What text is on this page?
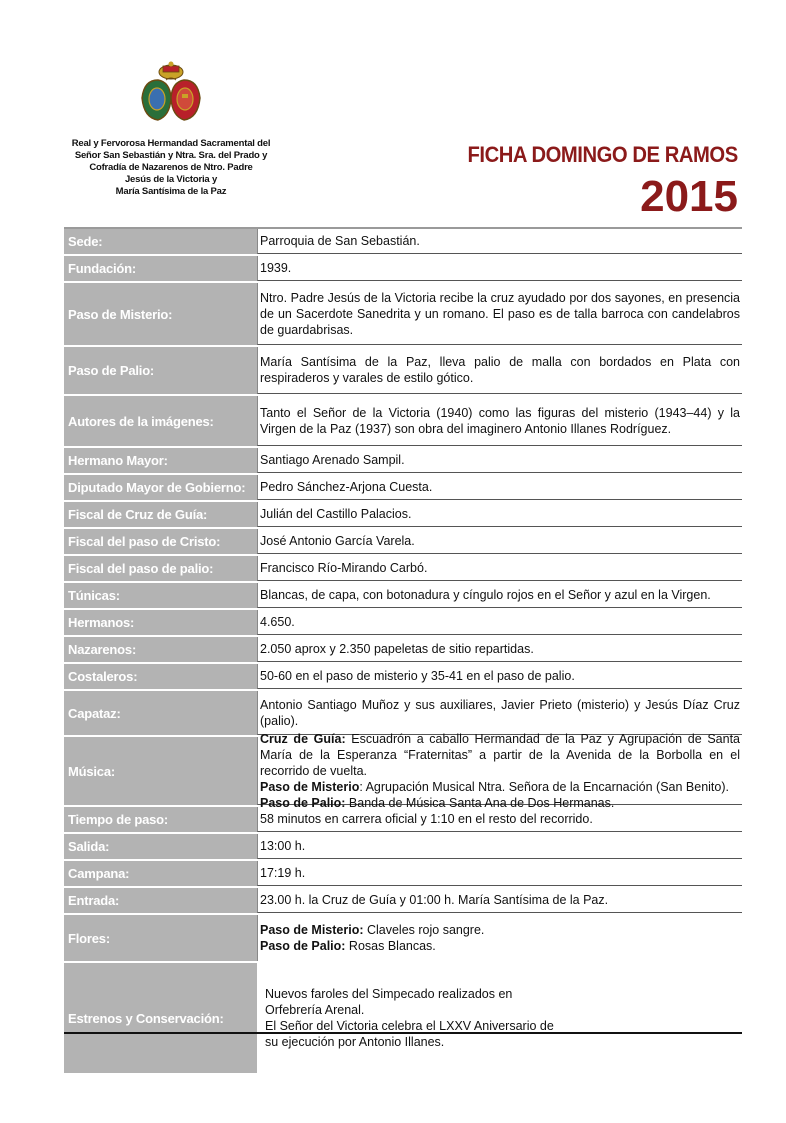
Real y Fervorosa Hermandad Sacramental del
Señor San Sebastián y Ntra. Sra. del Prado y
Cofradía de Nazarenos de Ntro. Padre
Jesús de la Victoria y
María Santísima de la Paz
FICHA DOMINGO DE RAMOS
2015
Sede:	Parroquia de San Sebastián.
Fundación:	1939.
Paso de Misterio:
Ntro. Padre Jesús de la Victoria recibe la cruz ayudado por dos sayones, en presencia de un Sacerdote Sanedrita y un romano. El paso es de talla barroca con candelabros de guardabrisas.
Paso de Palio:
María Santísima de la Paz, lleva palio de malla con bordados en Plata con respiraderos y varales de estilo gótico.
Autores de la imágenes:
Tanto el Señor de la Victoria (1940) como las figuras del misterio (1943–44) y la Virgen de la Paz (1937) son obra del imaginero Antonio Illanes Rodríguez.
Hermano Mayor:	Santiago Arenado Sampil.
Diputado Mayor de Gobierno:	Pedro Sánchez-Arjona Cuesta.
Fiscal de Cruz de Guía:	Julián del Castillo Palacios.
Fiscal del paso de Cristo:	José Antonio García Varela.
Fiscal del paso de palio:	Francisco Río-Mirando Carbó.
Túnicas:	Blancas, de capa, con botonadura y cíngulo rojos en el Señor y azul en la Virgen.
Hermanos:	4.650.
Nazarenos:	2.050 aprox y 2.350 papeletas de sitio repartidas.
Costaleros:	50-60 en el paso de misterio y 35-41 en el paso de palio.
Capataz:
Antonio Santiago Muñoz y sus auxiliares, Javier Prieto (misterio) y Jesús Díaz Cruz (palio).
Música:
Cruz de Guía: Escuadrón a caballo Hermandad de la Paz y Agrupación de Santa María de la Esperanza “Fraternitas” a partir de la Avenida de la Borbolla en el recorrido de vuelta.
Paso de Misterio: Agrupación Musical Ntra. Señora de la Encarnación (San Benito).
Paso de Palio: Banda de Música Santa Ana de Dos Hermanas.
Tiempo de paso:	58 minutos en carrera oficial y 1:10 en el resto del recorrido.
Salida:	13:00 h.
Campana:	17:19 h.
Entrada:	23.00 h. la Cruz de Guía y 01:00 h. María Santísima de la Paz.
Flores:
Paso de Misterio: Claveles rojo sangre.
Paso de Palio: Rosas Blancas.
Estrenos y Conservación:
Nuevos faroles del Simpecado realizados en
Orfebrería Arenal.
El Señor del Victoria celebra el LXXV Aniversario de
su ejecución por Antonio Illanes.
